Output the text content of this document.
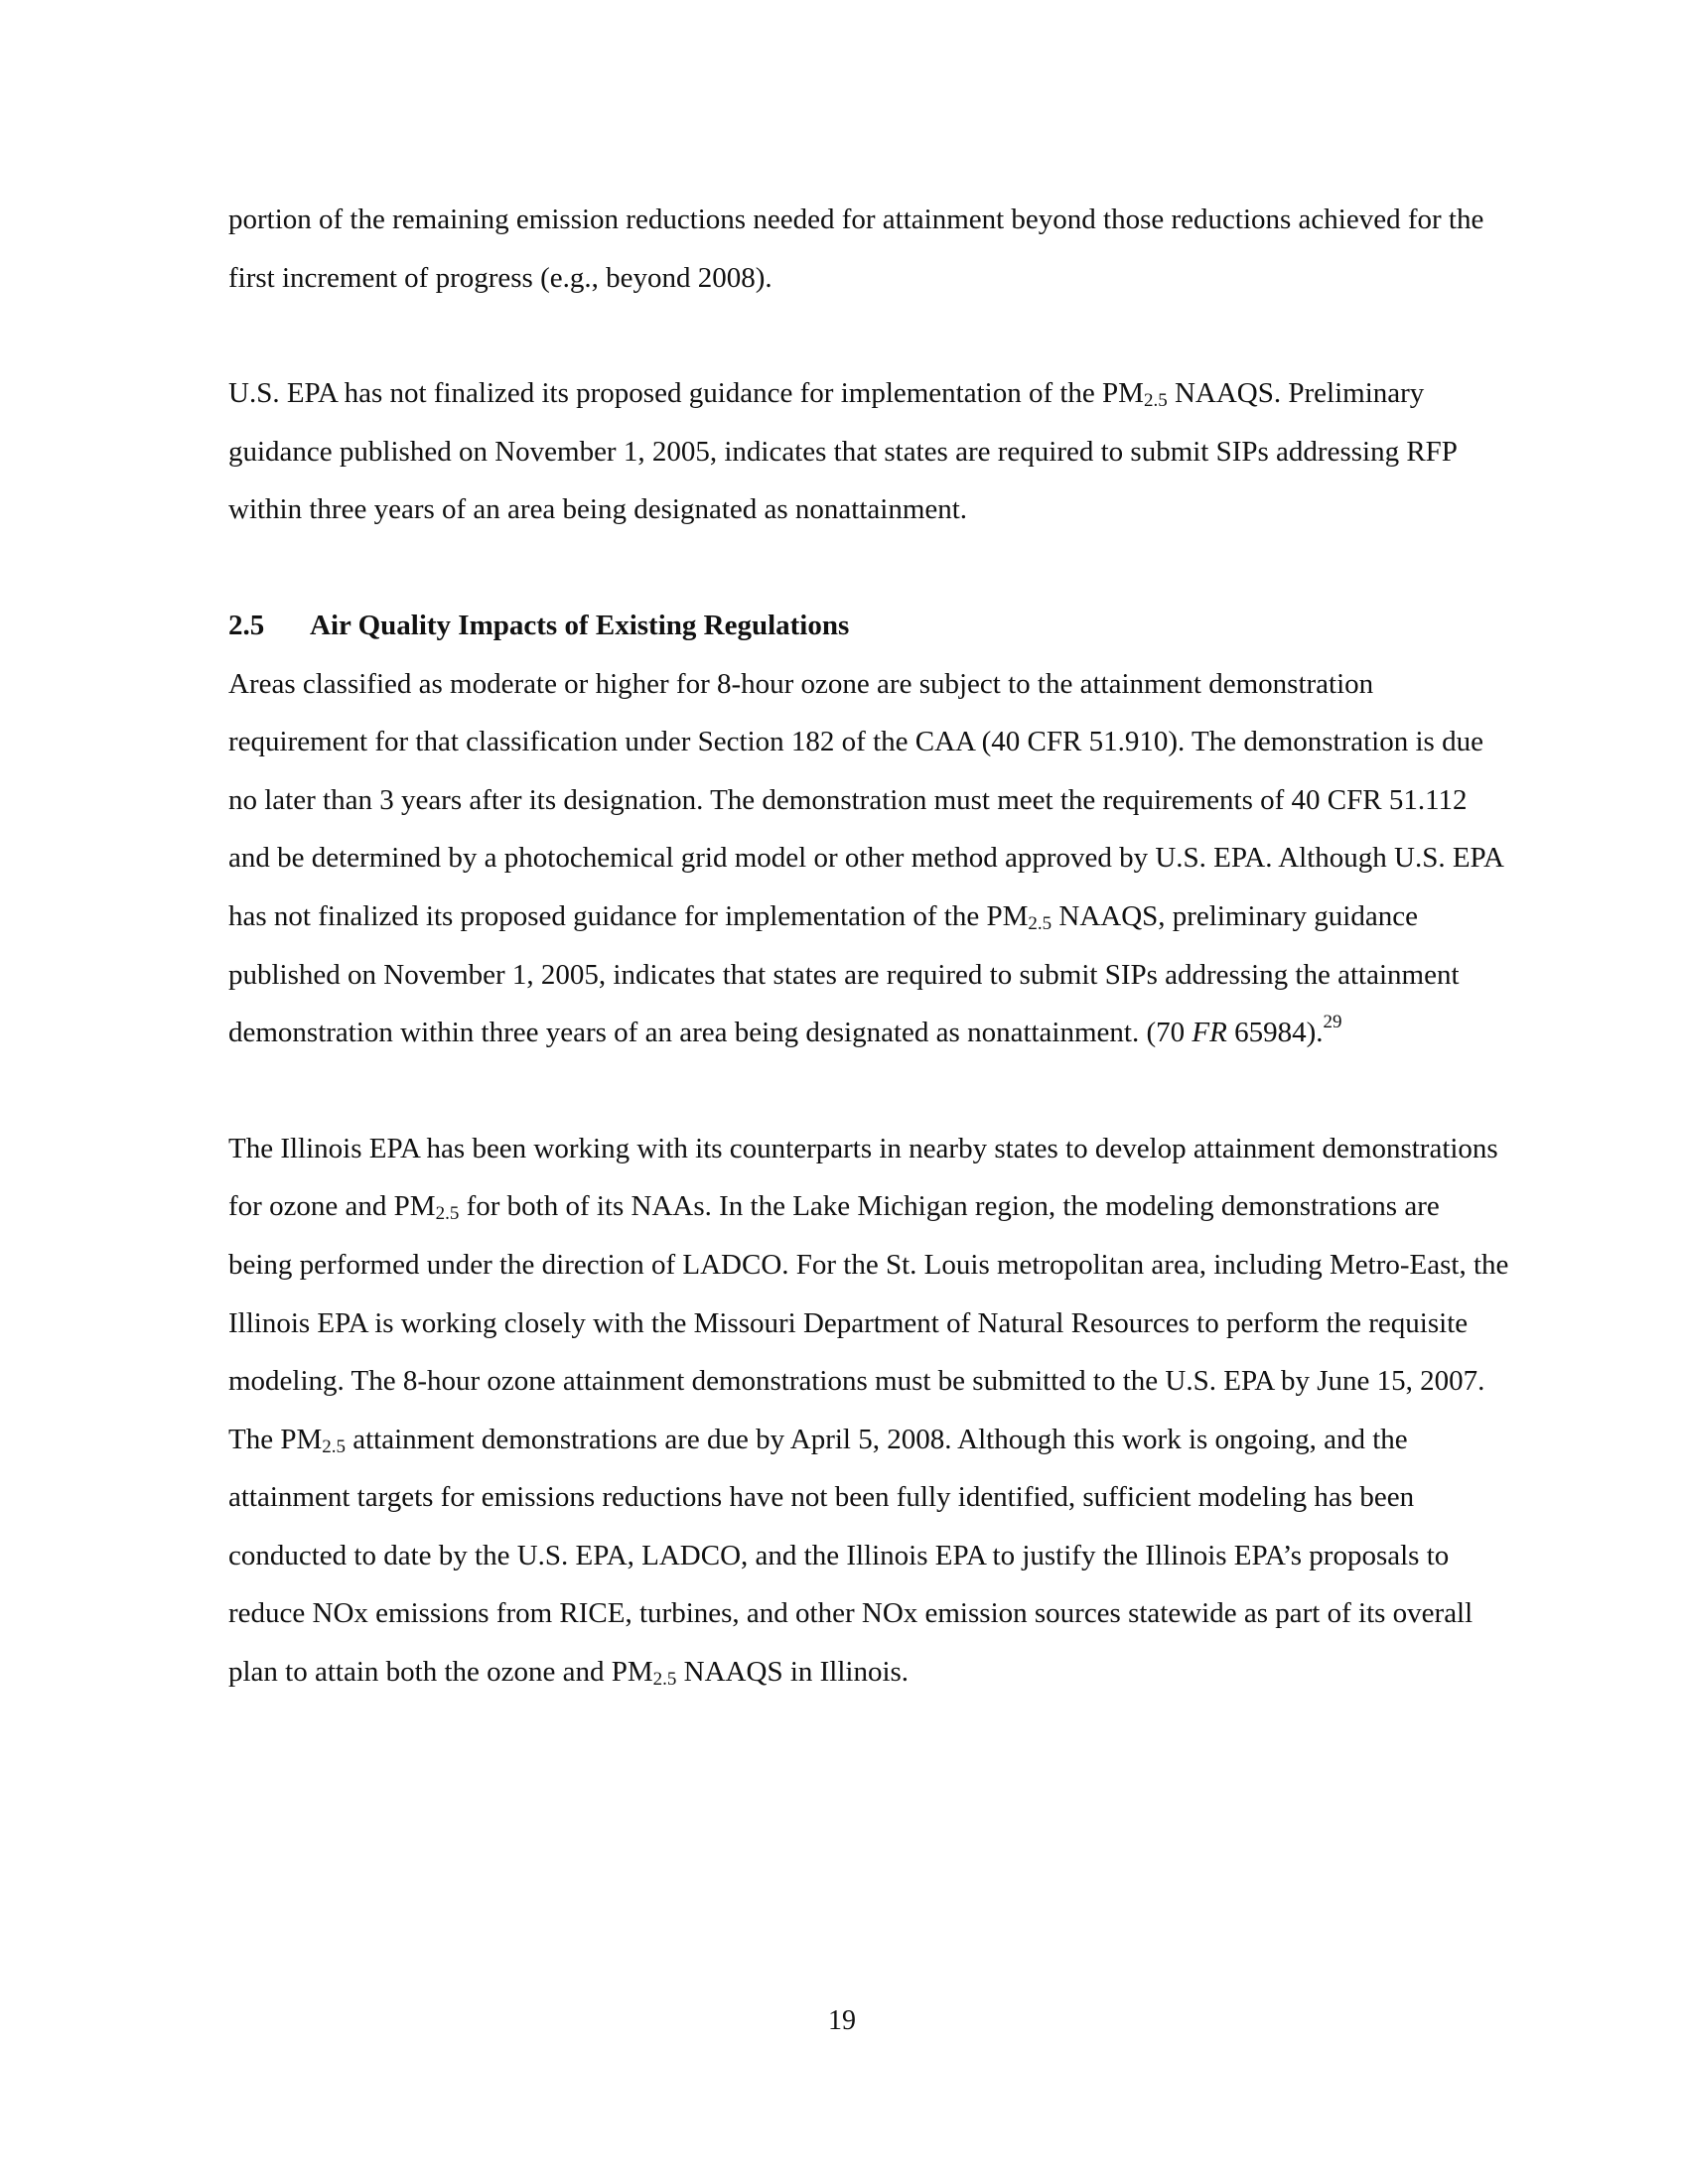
portion of the remaining emission reductions needed for attainment beyond those reductions achieved for the first increment of progress (e.g., beyond 2008).

U.S. EPA has not finalized its proposed guidance for implementation of the $PM_{2.5}$ NAAQS. Preliminary guidance published on November 1, 2005, indicates that states are required to submit SIPs addressing RFP within three years of an area being designated as nonattainment.

2.5 Air Quality Impacts of Existing Regulations

Areas classified as moderate or higher for 8-hour ozone are subject to the attainment demonstration requirement for that classification under Section 182 of the CAA (40 CFR 51.910). The demonstration is due no later than 3 years after its designation. The demonstration must meet the requirements of 40 CFR 51.112 and be determined by a photochemical grid model or other method approved by U.S. EPA. Although U.S. EPA has not finalized its proposed guidance for implementation of the $PM_{2.5}$ NAAQS, preliminary guidance published on November 1, 2005, indicates that states are required to submit SIPs addressing the attainment demonstration within three years of an area being designated as nonattainment. (70 FR 65984).$^{29}$

The Illinois EPA has been working with its counterparts in nearby states to develop attainment demonstrations for ozone and $PM_{2.5}$ for both of its NAAs. In the Lake Michigan region, the modeling demonstrations are being performed under the direction of LADCO. For the St. Louis metropolitan area, including Metro-East, the Illinois EPA is working closely with the Missouri Department of Natural Resources to perform the requisite modeling. The 8-hour ozone attainment demonstrations must be submitted to the U.S. EPA by June 15, 2007. The $PM_{2.5}$ attainment demonstrations are due by April 5, 2008. Although this work is ongoing, and the attainment targets for emissions reductions have not been fully identified, sufficient modeling has been conducted to date by the U.S. EPA, LADCO, and the Illinois EPA to justify the Illinois EPA’s proposals to reduce NOx emissions from RICE, turbines, and other NOx emission sources statewide as part of its overall plan to attain both the ozone and $PM_{2.5}$ NAAQS in Illinois.

19
